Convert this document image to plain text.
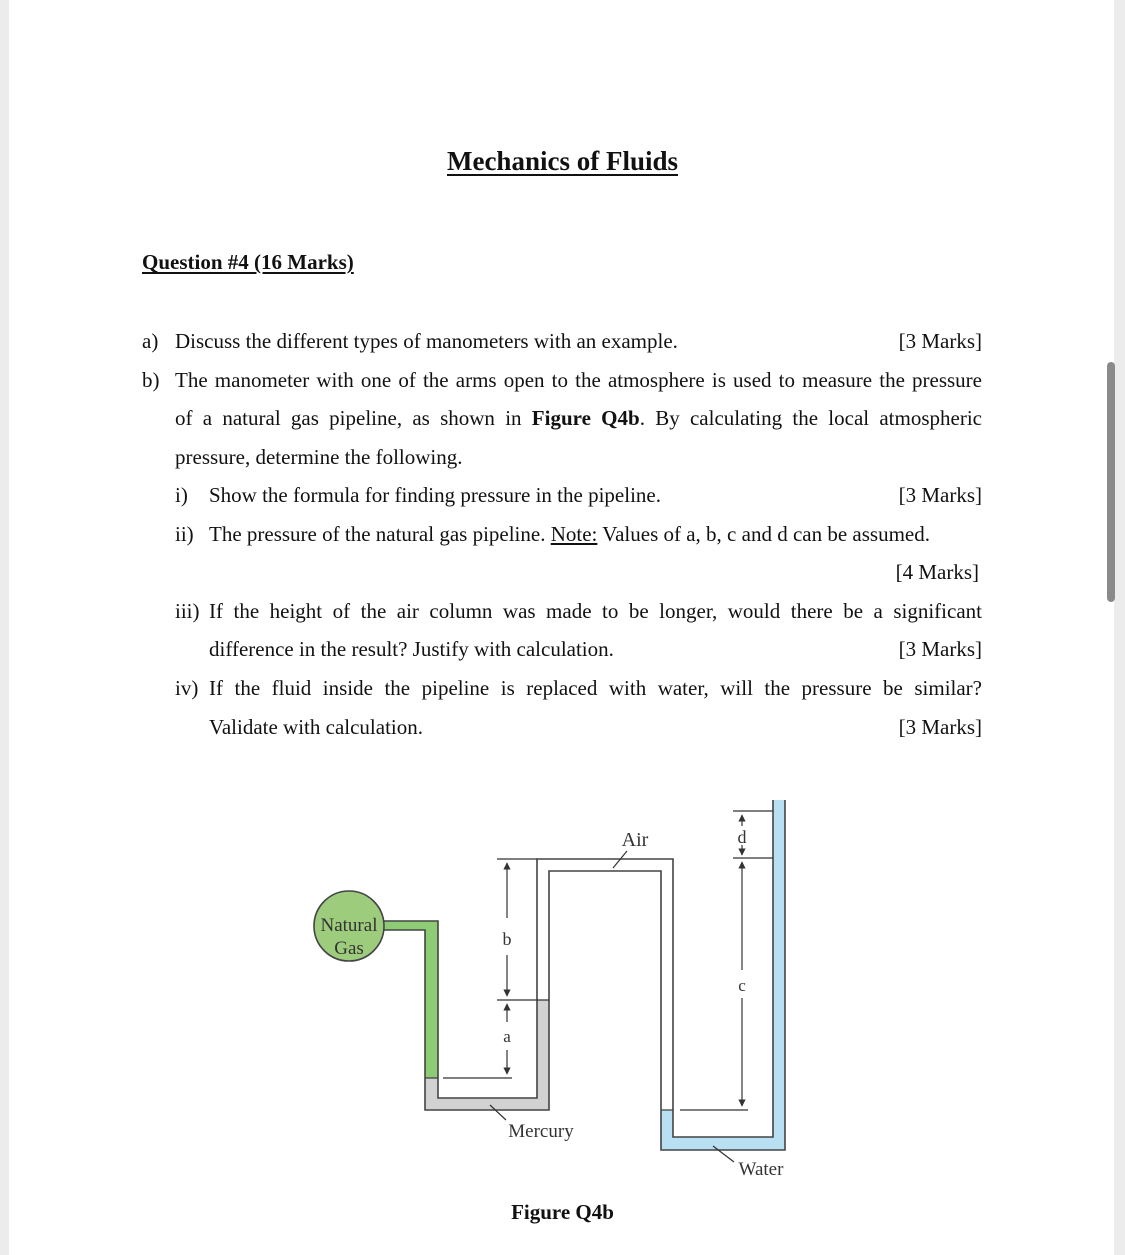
Mechanics of Fluids
Question #4 (16 Marks)
a) Discuss the different types of manometers with an example.	[3 Marks]
b) The manometer with one of the arms open to the atmosphere is used to measure the pressure
of a natural gas pipeline, as shown in Figure Q4b. By calculating the local atmospheric
pressure, determine the following.
i) Show the formula for finding pressure in the pipeline.	[3 Marks]
ii) The pressure of the natural gas pipeline. Note: Values of a, b, c and d can be assumed.
[4 Marks]
iii) If the height of the air column was made to be longer, would there be a significant
difference in the result? Justify with calculation.	[3 Marks]
iv) If the fluid inside the pipeline is replaced with water, will the pressure be similar?
Validate with calculation.	[3 Marks]
b
a
c
d
Natural
Gas
Air
Mercury
Water
Figure Q4b
